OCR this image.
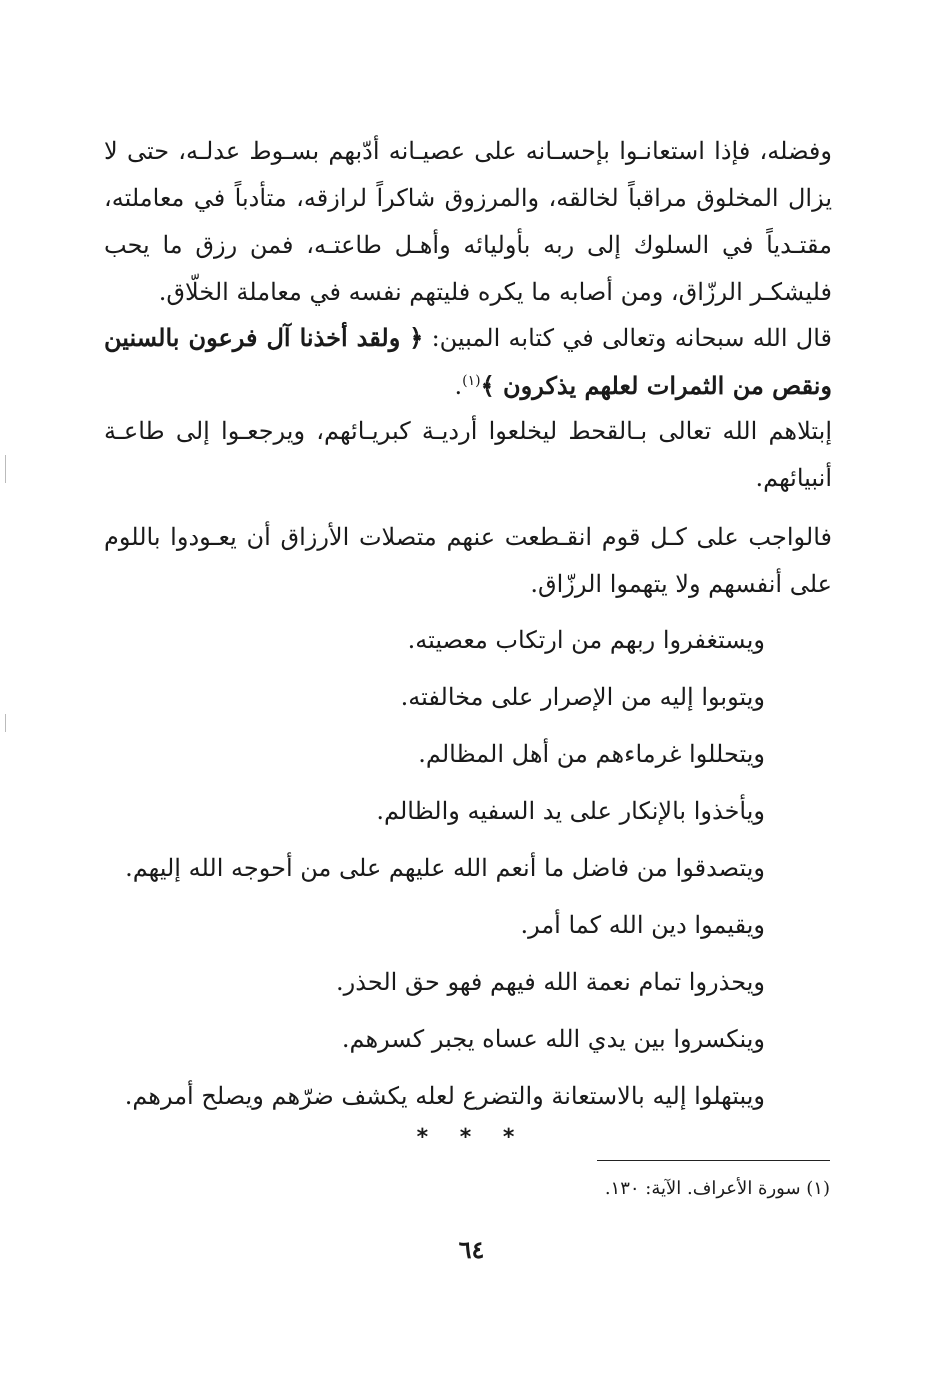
وفضله، فإذا استعانـوا بإحسـانه على عصيـانه أدّبهم بسـوط عدلـه، حتى لا يزال المخلوق مراقباً لخالقه، والمرزوق شاكراً لرازقه، متأدباً في معاملته، مقتـدياً في السلوك إلى ربه بأوليائه وأهـل طاعتـه، فمن رزق ما يحب فليشكـر الرزّاق، ومن أصابه ما يكره فليتهم نفسه في معاملة الخلّاق.
قال الله سبحانه وتعالى في كتابه المبين: ﴿ ولقد أخذنا آل فرعون بالسنين ونقص من الثمرات لعلهم يذكرون ﴾$^{(١)}$.
إبتلاهم الله تعالى بـالقحط ليخلعوا أرديـة كبريـائهم، ويرجعـوا إلى طاعـة أنبيائهم.
فالواجب على كـل قوم انقـطعت عنهم متصلات الأرزاق أن يعـودوا باللوم على أنفسهم ولا يتهموا الرزّاق.
ويستغفروا ربهم من ارتكاب معصيته.
ويتوبوا إليه من الإصرار على مخالفته.
ويتحللوا غرماءهم من أهل المظالم.
ويأخذوا بالإنكار على يد السفيه والظالم.
ويتصدقوا من فاضل ما أنعم الله عليهم على من أحوجه الله إليهم.
ويقيموا دين الله كما أمر.
ويحذروا تمام نعمة الله فيهم فهو حق الحذر.
وينكسروا بين يدي الله عساه يجبر كسرهم.
ويبتهلوا إليه بالاستعانة والتضرع لعله يكشف ضرّهم ويصلح أمرهم.
* * *
(١) سورة الأعراف. الآية: ١٣٠.
٦٤
